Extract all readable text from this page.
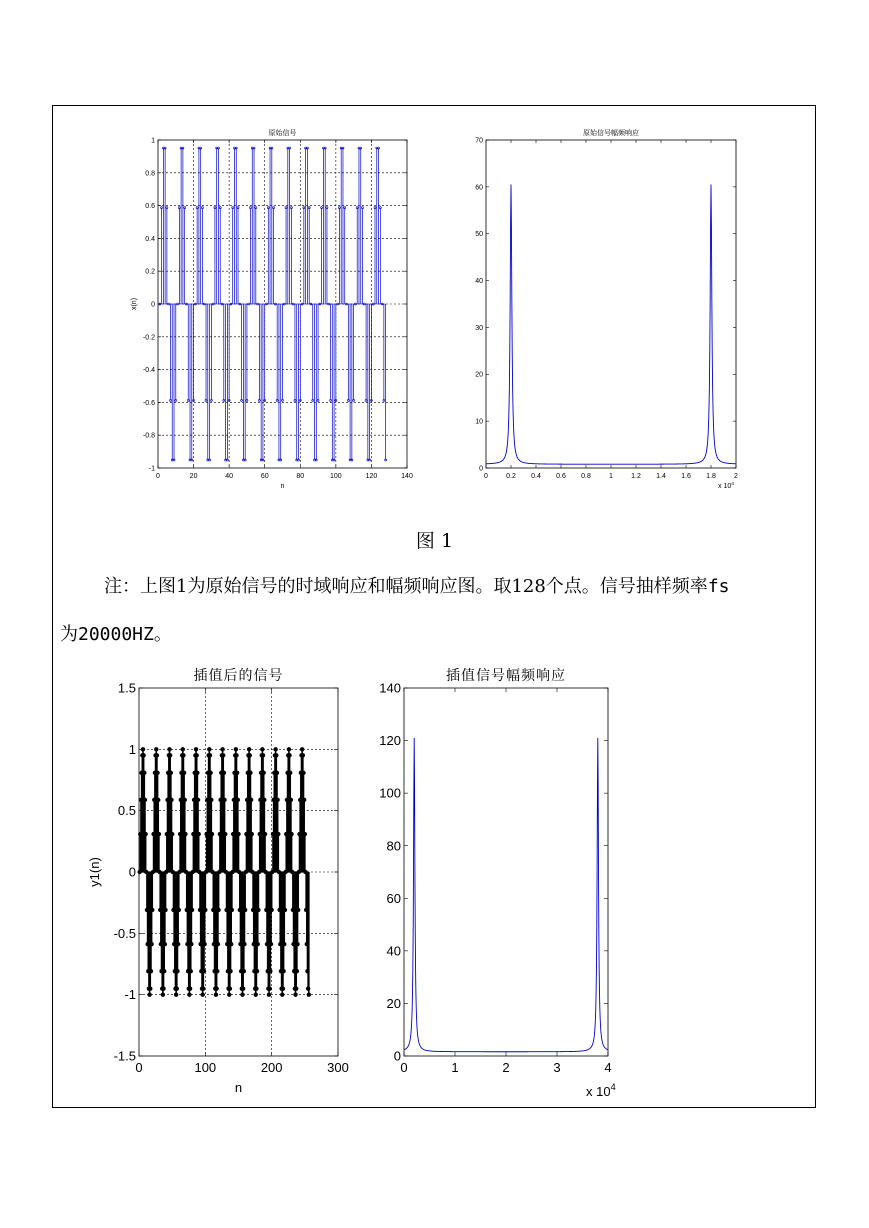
0	20	40	60	80	100	120	140
-1
-0.8
-0.6
-0.4
-0.2
0
0.2
0.4
0.6
0.8
1
原始信号
n
x(n)
0	0.2 0.4 0.6 0.8	1	1.2 1.4 1.6 1.8	2
0
10
20
30
40
50
60
70
原始信号幅频响应
x $10^4$
0	100	200	300
-1.5
-1
-0.5
0
0.5
1
1.5
插值后的信号
n
y1(n)
0	1	2	3	4
0
20
40
60
80
100
120
140
插值信号幅频响应
x $10^4$
图 1
注：上图1为原始信号的时域响应和幅频响应图。取128个点。信号抽样频率fs
为20000HZ。
